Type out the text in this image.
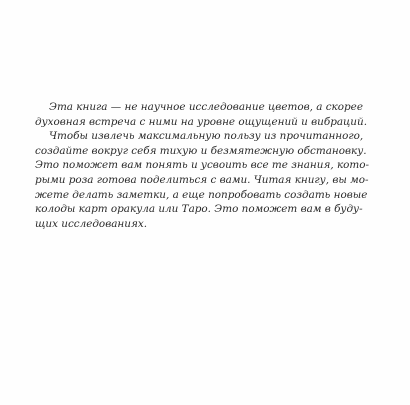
Эта книга — не научное исследование цветов, а скорее
духовная встреча с ними на уровне ощущений и вибраций.
Чтобы извлечь максимальную пользу из прочитанного,
создайте вокруг себя тихую и безмятежную обстановку.
Это поможет вам понять и усвоить все те знания, кото-
рыми роза готова поделиться с вами. Читая книгу, вы мо-
жете делать заметки, а еще попробовать создать новые
колоды карт оракула или Таро. Это поможет вам в буду-
щих исследованиях.
